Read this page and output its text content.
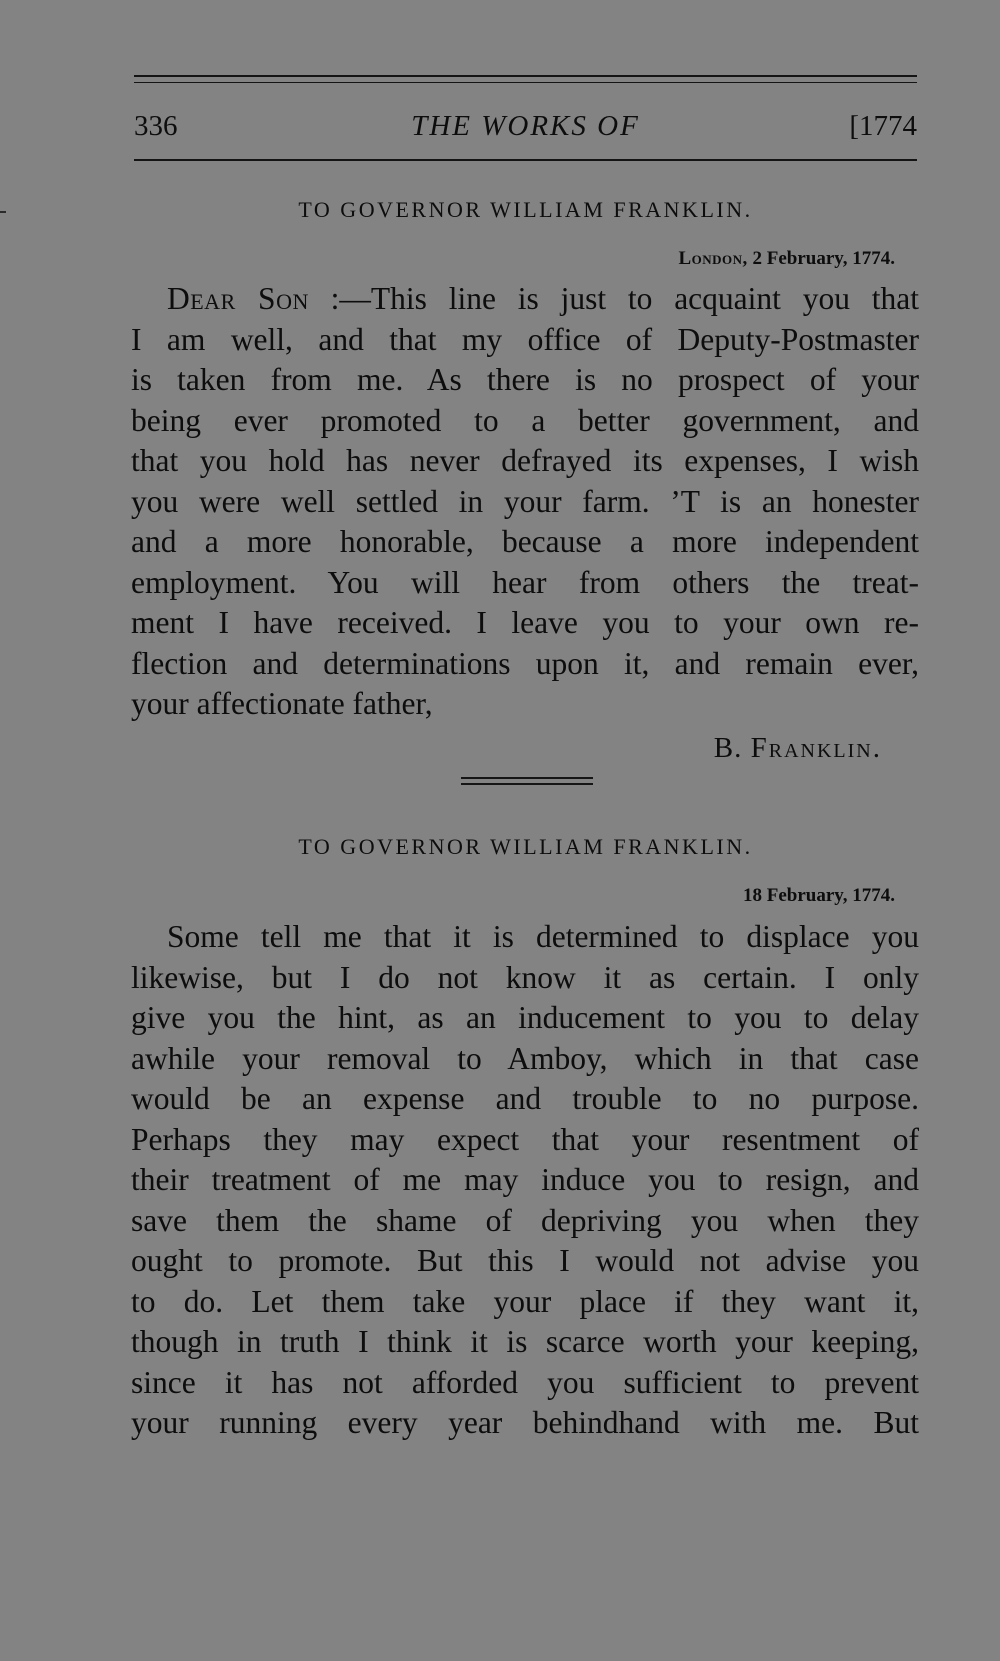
336	THE WORKS OF	[1774
TO GOVERNOR WILLIAM FRANKLIN.
London, 2 February, 1774.
Dear Son :—This line is just to acquaint you that
I am well, and that my office of Deputy-Postmaster
is taken from me. As there is no prospect of your
being ever promoted to a better government, and
that you hold has never defrayed its expenses, I wish
you were well settled in your farm. ’T is an honester
and a more honorable, because a more independent
employment. You will hear from others the treat-
ment I have received. I leave you to your own re-
flection and determinations upon it, and remain ever,
your affectionate father,
B. Franklin.
TO GOVERNOR WILLIAM FRANKLIN.
18 February, 1774.
Some tell me that it is determined to displace you
likewise, but I do not know it as certain. I only
give you the hint, as an inducement to you to delay
awhile your removal to Amboy, which in that case
would be an expense and trouble to no purpose.
Perhaps they may expect that your resentment of
their treatment of me may induce you to resign, and
save them the shame of depriving you when they
ought to promote. But this I would not advise you
to do. Let them take your place if they want it,
though in truth I think it is scarce worth your keeping,
since it has not afforded you sufficient to prevent
your running every year behindhand with me. But
